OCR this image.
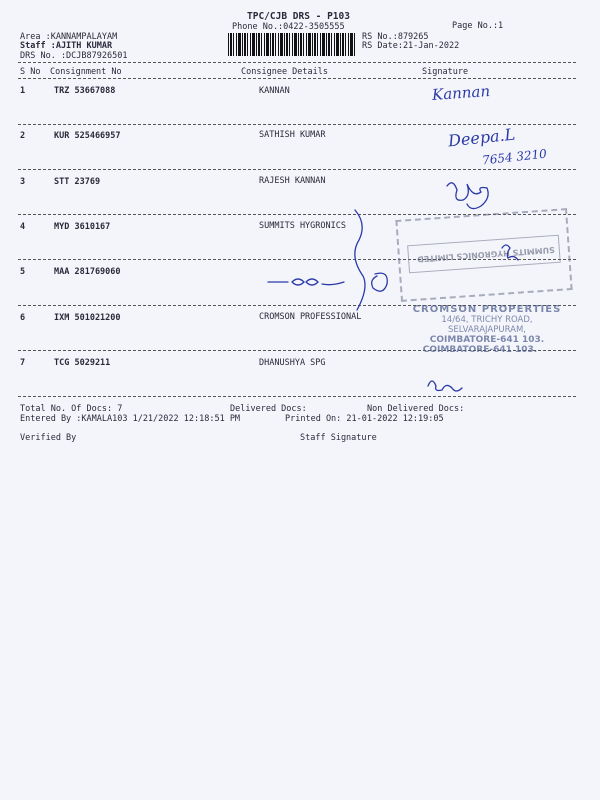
TPC/CJB DRS - P103
Phone No.:0422-3505555	Page No.:1
Area :KANNAMPALAYAM
Staff :AJITH KUMAR
DRS No. :DCJB87926501
RS No.:879265
RS Date:21-Jan-2022
S No Consignment No	Consignee Details	Signature
1	TRZ 53667088	KANNAN
2	KUR 525466957	SATHISH KUMAR
3	STT 23769	RAJESH KANNAN
4	MYD 3610167	SUMMITS HYGRONICS
5	MAA 281769060
6	IXM 501021200	CROMSON PROFESSIONAL
7	TCG 5029211	DHANUSHYA SPG
Kannan
Deepa.L
7654 3210
SUMMITS HYGRONICS LIMITED
CROMSON PROPERTIES
14/64, TRICHY ROAD,
SELVARAJAPURAM,
COIMBATORE-641 103.
COIMBATORE-641 103.
Total No. Of Docs: 7	Delivered Docs:	Non Delivered Docs:
Entered By :KAMALA103 1/21/2022 12:18:51 PM	Printed On: 21-01-2022 12:19:05
Verified By	Staff Signature
